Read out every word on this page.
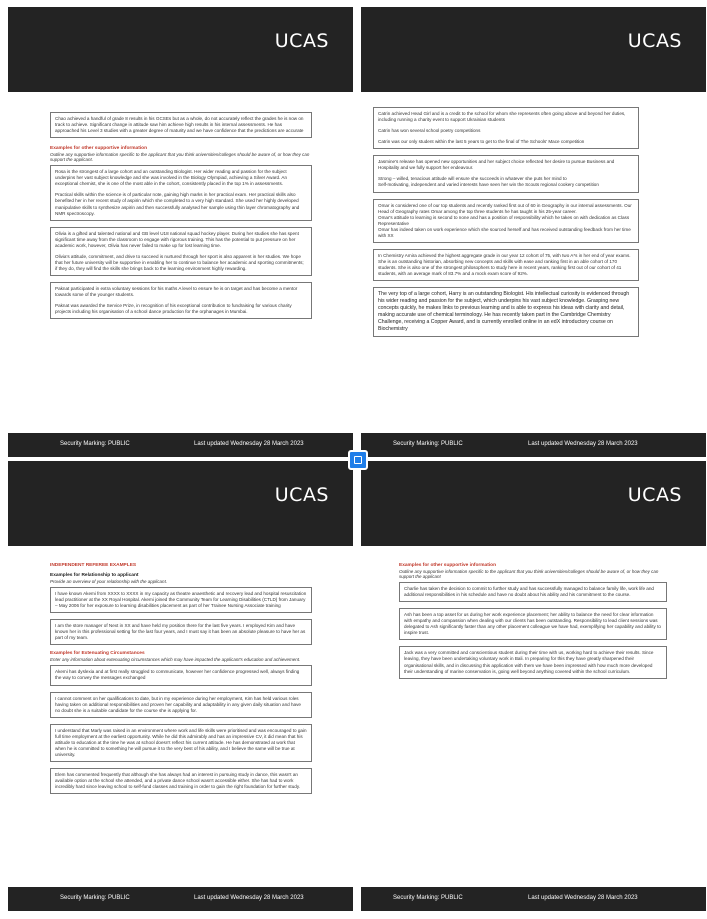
UCAS

Chao achieved a handful of grade 8 results in his GCSEs but as a whole, do not accurately reflect the grades he is now on track to achieve. Significant change in attitude saw him achieve high results in his internal assessments. He has approached his Level 3 studies with a greater degree of maturity and we have confidence that the predictions are accurate

Examples for other supportive information
Outline any supportive information specific to the applicant that you think universities/colleges should be aware of, or how they can support the applicant.

Rosa is the strongest of a large cohort and an outstanding Biologist. Her wider reading and passion for the subject underpins her vast subject knowledge and she was involved in the Biology Olympiad, achieving a Silver Award. An exceptional chemist, she is one of the most able in the cohort, consistently placed in the top 1% in assessments.

Practical skills within the science is of particular note, gaining high marks in her practical exam. Her practical skills also benefited her in her recent study of aspirin which she completed to a very high standard. She used her highly developed manipulative skills to synthesize aspirin and then successfully analysed her sample using thin layer chromatography and NMR spectroscopy.

Olivia is a gifted and talented national and GB level U18 national squad hockey player. During her studies she has spent significant time away from the classroom to engage with rigorous training. This has the potential to put pressure on her academic work, however, Olivia has never failed to make up for lost learning time.

Olivia's attitude, commitment, and drive to succeed is nurtured through her sport is also apparent in her studies. We hope that her future university will be supportive in enabling her to continue to balance her academic and sporting commitments; if they do, they will find the skills she brings back to the learning environment highly rewarding.

Paknat participated in extra voluntary sessions for his maths A level to ensure he is on target and has become a mentor towards some of the younger students.

Paknat was awarded the Service Prize, in recognition of his exceptional contribution to fundraising for various charity projects including his organisation of a school dance production for the orphanages in Mumbai.

Security Marking: PUBLIC	Last updated Wednesday 28 March 2023
UCAS

Catrin achieved Head Girl and is a credit to the school for whom she represents often going above and beyond her duties, including running a charity event to support Ukrainian students

Catrin has won several school poetry competitions

Catrin was our only student within the last 5 years to get to the final of The Schools' Mace competition

Jasmine's release has opened new opportunities and her subject choice reflected her desire to pursue Business and Hospitality and we fully support her endeavour.

Strong – willed, tenacious attitude will ensure she succeeds in whatever she puts her mind to
Self-motivating, independent and varied interests have seen her win the Scouts regional cookery competition
Omar is considered one of our top students and recently ranked first out of 60 in Geography in our internal assessments. Our Head of Geography rates Omar among the top three students he has taught in his 25-year career.
Omar's attitude to learning is second to none and has a position of responsibility which he takes on with dedication as Class Representative
Omar has indeed taken on work experience which she sourced herself and has received outstanding feedback from her time with XX

In Chemistry Amira achieved the highest aggregate grade in our year 12 cohort of 75, with two A*s in her end of year exams. She is an outstanding historian, absorbing new concepts and skills with ease and ranking first in an able cohort of 170 students. She is also one of the strongest philosophers to study here in recent years, ranking first out of our cohort of 41 students, with an average mark of 83.7% and a mock exam score of 92%.

The very top of a large cohort, Harry is an outstanding Biologist. His intellectual curiosity is evidenced through his wider reading and passion for the subject, which underpins his vast subject knowledge. Grasping new concepts quickly, he makes links to previous learning and is able to express his ideas with clarity and detail, making accurate use of chemical terminology. He has recently taken part in the Cambridge Chemistry Challenge, receiving a Copper Award, and is currently enrolled online in an edX introductory course on Biochemistry

Security Marking: PUBLIC	Last updated Wednesday 28 March 2023
UCAS
INDEPENDENT REFEREE EXAMPLES
Examples for Relationship to applicant
Provide an overview of your relationship with the applicant.

I have known Akemi from XXXX to XXXX in my capacity as theatre anaesthetic and recovery lead and hospital resuscitation lead practitioner at the XX Royal Hospital. Akemi joined the Community Team for Learning Disabilities (CTLD) from January – May 2006 for her exposure to learning disabilities placement as part of her Trainee Nursing Associate training

I am the store manager of Next in XX and have held my position there for the last five years. I employed Kim and have known her in this professional setting for the last four years, and I must say it has been an absolute pleasure to have her as part of my team.

Examples for Extenuating Circumstances
Enter any information about extenuating circumstances which may have impacted the applicant's education and achievement.

Akemi has dyslexia and at first really struggled to communicate, however her confidence progressed well, always finding the way to convey the messages exchanged

I cannot comment on her qualifications to date, but in my experience during her employment, Kim has held various roles having taken on additional responsibilities and proven her capability and adaptability in any given daily situation and have no doubt she is a suitable candidate for the course she is applying for.

I understand that Marly was raised in an environment where work and life skills were prioritised and was encouraged to gain full time employment at the earliest opportunity. While he did this admirably and has an impressive CV, it did mean that his attitude to education at the time he was at school doesn't reflect his current attitude. He has demonstrated at work that when he is committed to something he will pursue it to the very best of his ability, and I believe the same will be true at university.

Elem has commented frequently that although she has always had an interest in pursuing study in dance, this wasn't an available option at the school she attended, and a private dance school wasn't accessible either. She has had to work incredibly hard since leaving school to self-fund classes and training in order to gain the right foundation for further study.

Security Marking: PUBLIC	Last updated Wednesday 28 March 2023
UCAS
Examples for other supportive information
Outline any supportive information specific to the applicant that you think universities/colleges should be aware of, or how they can support the applicant

Charlie has taken the decision to commit to further study and has successfully managed to balance family life, work life and additional responsibilities in his schedule and have no doubt about his ability and his commitment to the course.

Ash has been a top asset for us during her work experience placement; her ability to balance the need for clear information with empathy and compassion when dealing with our clients has been outstanding. Responsibility to lead client sessions was delegated to Ash significantly faster than any other placement colleague we have had, exemplifying her capability and ability to inspire trust.

Jack was a very committed and conscientious student during their time with us, working hard to achieve their results. Since leaving, they have been undertaking voluntary work in Bali. In preparing for this they have greatly sharpened their organisational skills, and in discussing this application with them we have been impressed with how much more developed their understanding of marine conservation is, going well beyond anything covered within the school curriculum.

Security Marking: PUBLIC	Last updated Wednesday 28 March 2023
